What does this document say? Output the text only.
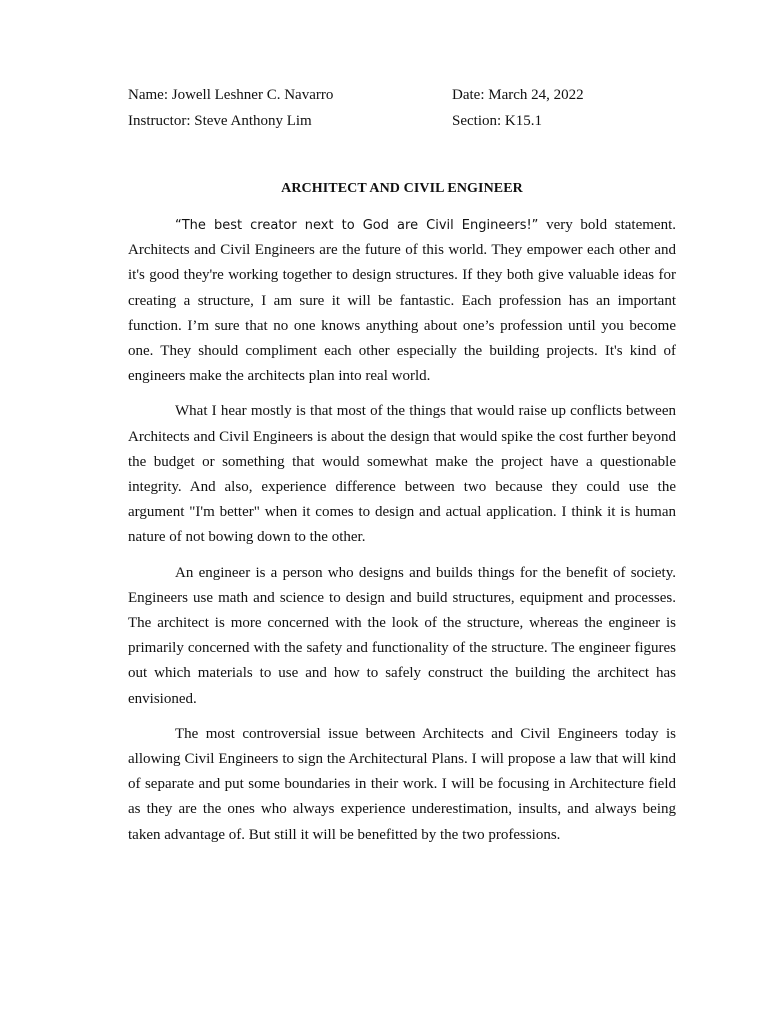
Name: Jowell Leshner C. Navarro	Date: March 24, 2022
Instructor: Steve Anthony Lim	Section: K15.1
ARCHITECT AND CIVIL ENGINEER

“The best creator next to God are Civil Engineers!” very bold statement. Architects and Civil Engineers are the future of this world. They empower each other and it's good they're working together to design structures. If they both give valuable ideas for creating a structure, I am sure it will be fantastic. Each profession has an important function. I’m sure that no one knows anything about one’s profession until you become one. They should compliment each other especially the building projects. It's kind of engineers make the architects plan into real world.

What I hear mostly is that most of the things that would raise up conflicts between Architects and Civil Engineers is about the design that would spike the cost further beyond the budget or something that would somewhat make the project have a questionable integrity. And also, experience difference between two because they could use the argument "I'm better" when it comes to design and actual application. I think it is human nature of not bowing down to the other.

An engineer is a person who designs and builds things for the benefit of society. Engineers use math and science to design and build structures, equipment and processes. The architect is more concerned with the look of the structure, whereas the engineer is primarily concerned with the safety and functionality of the structure. The engineer figures out which materials to use and how to safely construct the building the architect has envisioned.

The most controversial issue between Architects and Civil Engineers today is allowing Civil Engineers to sign the Architectural Plans. I will propose a law that will kind of separate and put some boundaries in their work. I will be focusing in Architecture field as they are the ones who always experience underestimation, insults, and always being taken advantage of. But still it will be benefitted by the two professions.
